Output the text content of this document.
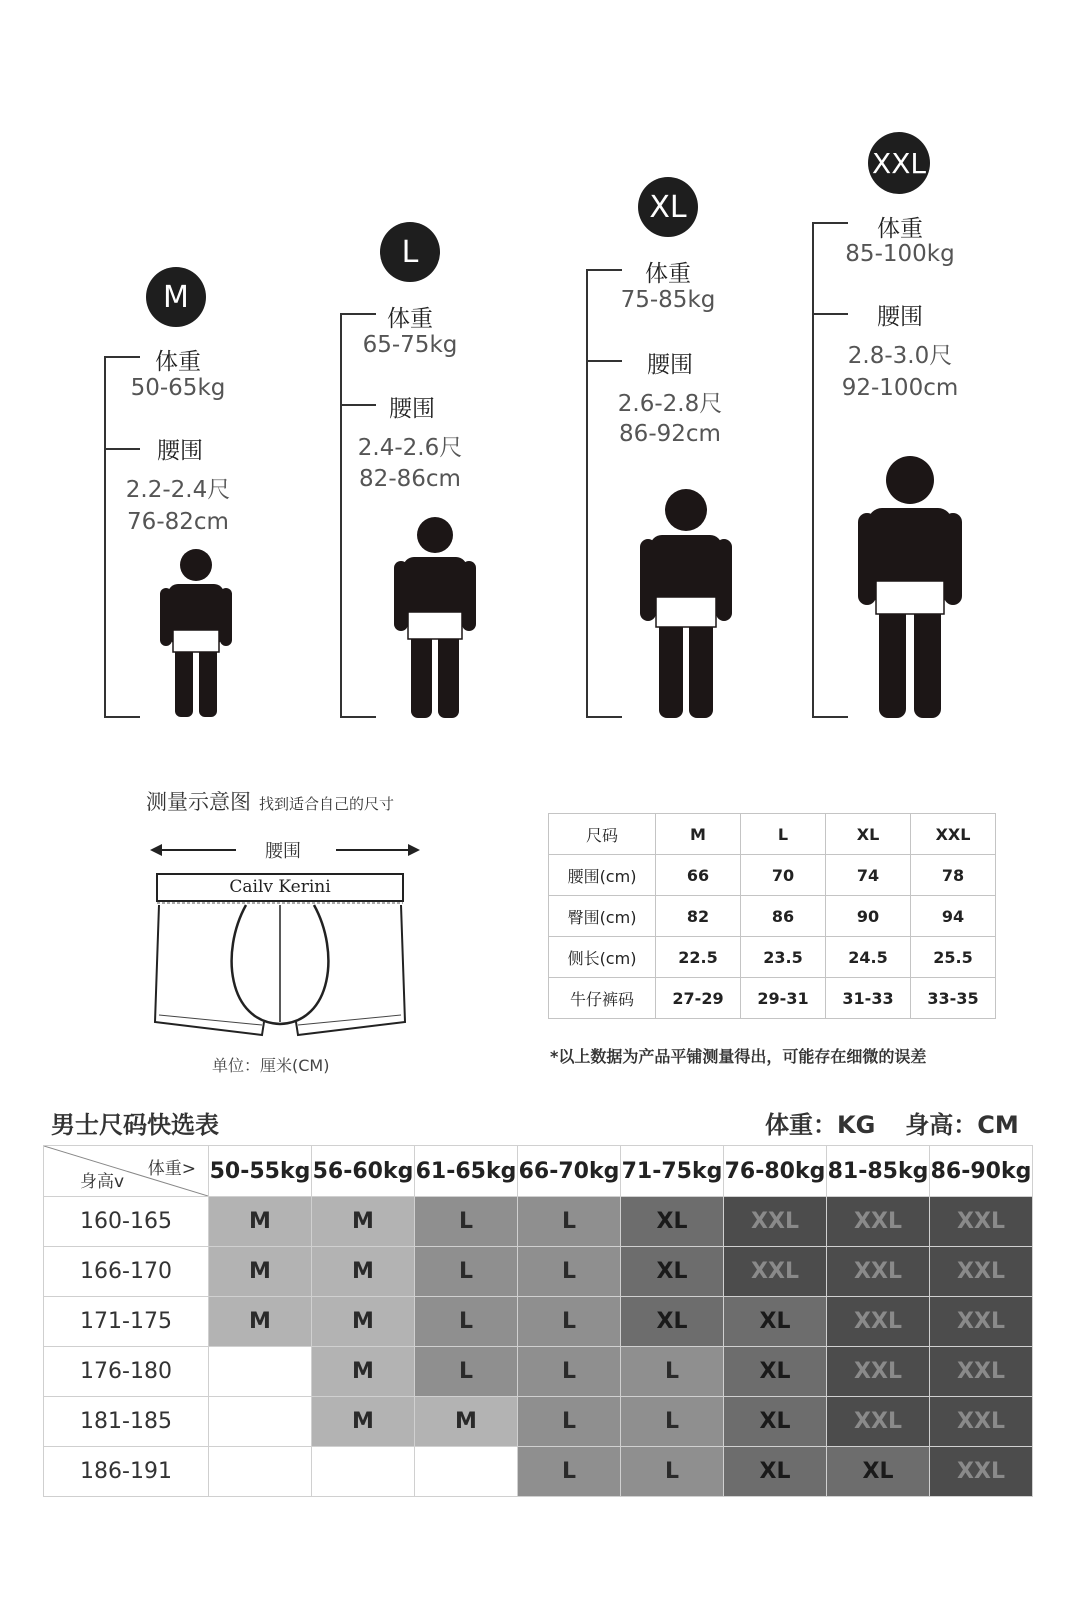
M
体重
50-65kg
腰围
2.2-2.4尺
76-82cm
L
体重
65-75kg
腰围
2.4-2.6尺
82-86cm
XL
体重
75-85kg
腰围
2.6-2.8尺
86-92cm
XXL
体重
85-100kg
腰围
2.8-3.0尺
92-100cm
测量示意图 找到适合自己的尺寸
腰围
Cailv Kerini
单位：厘米(CM)
尺码	M	L	XL	XXL
腰围(cm)	66	70	74	78
臀围(cm)	82	86	90	94
侧长(cm)	22.5	23.5	24.5	25.5
牛仔裤码	27-29	29-31	31-33	33-35
*以上数据为产品平铺测量得出，可能存在细微的误差
男士尺码快选表	体重：KG 身高：CM
体重>
身高v	50-55kg	56-60kg	61-65kg	66-70kg	71-75kg	76-80kg	81-85kg	86-90kg
160-165	M	M	L	L	XL	XXL	XXL	XXL
166-170	M	M	L	L	XL	XXL	XXL	XXL
171-175	M	M	L	L	XL	XL	XXL	XXL
176-180		M	L	L	L	XL	XXL	XXL
181-185		M	M	L	L	XL	XXL	XXL
186-191				L	L	XL	XL	XXL
